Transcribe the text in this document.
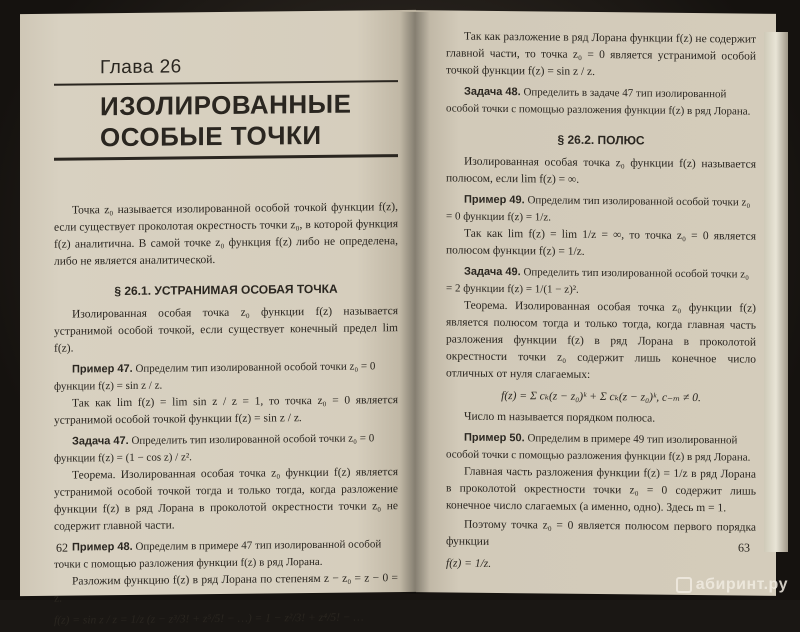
Глава 26
ИЗОЛИРОВАННЫЕ ОСОБЫЕ ТОЧКИ

Точка z₀ называется изолированной особой точкой функции f(z), если существует проколотая окрестность точки z₀, в которой функция f(z) аналитична. В самой точке z₀ функция f(z) либо не определена, либо не является аналитической.

§ 26.1. УСТРАНИМАЯ ОСОБАЯ ТОЧКА

Изолированная особая точка z₀ функции f(z) называется устранимой особой точкой, если существует конечный предел lim f(z).

Пример 47. Определим тип изолированной особой точки z₀ = 0 функции f(z) = sin z / z.

Так как lim f(z) = lim sin z / z = 1, то точка z₀ = 0 является устранимой особой точкой функции f(z) = sin z / z.

Задача 47. Определить тип изолированной особой точки z₀ = 0 функции f(z) = (1 − cos z) / z².

Теорема. Изолированная особая точка z₀ функции f(z) является устранимой особой точкой тогда и только тогда, когда разложение функции f(z) в ряд Лорана в проколотой окрестности точки z₀ не содержит главной части.

Пример 48. Определим в примере 47 тип изолированной особой точки с помощью разложения функции f(z) в ряд Лорана.

Разложим функцию f(z) в ряд Лорана по степеням z − z₀ = z − 0 = z.

f(z) = sin z / z = 1/z (z − z³/3! + z⁵/5! − …) = 1 − z²/3! + z⁴/5! − …
62

Так как разложение в ряд Лорана функции f(z) не содержит главной части, то точка z₀ = 0 является устранимой особой точкой функции f(z) = sin z / z.

Задача 48. Определить в задаче 47 тип изолированной особой точки с помощью разложения функции f(z) в ряд Лорана.

§ 26.2. ПОЛЮС

Изолированная особая точка z₀ функции f(z) называется полюсом, если lim f(z) = ∞.

Пример 49. Определим тип изолированной особой точки z₀ = 0 функции f(z) = 1/z.

Так как lim f(z) = lim 1/z = ∞, то точка z₀ = 0 является полюсом функции f(z) = 1/z.

Задача 49. Определить тип изолированной особой точки z₀ = 2 функции f(z) = 1/(1 − z)².

Теорема. Изолированная особая точка z₀ функции f(z) является полюсом тогда и только тогда, когда главная часть разложения функции f(z) в ряд Лорана в проколотой окрестности точки z₀ содержит лишь конечное число отличных от нуля слагаемых:

f(z) = Σ cₖ(z − z₀)ᵏ + Σ cₖ(z − z₀)ᵏ, c₋ₘ ≠ 0.

Число m называется порядком полюса.

Пример 50. Определим в примере 49 тип изолированной особой точки с помощью разложения функции f(z) в ряд Лорана.

Главная часть разложения функции f(z) = 1/z в ряд Лорана в проколотой окрестности точки z₀ = 0 содержит лишь конечное число слагаемых (а именно, одно). Здесь m = 1.

Поэтому точка z₀ = 0 является полюсом первого порядка функции

f(z) = 1/z.
63
абиринт.ру
